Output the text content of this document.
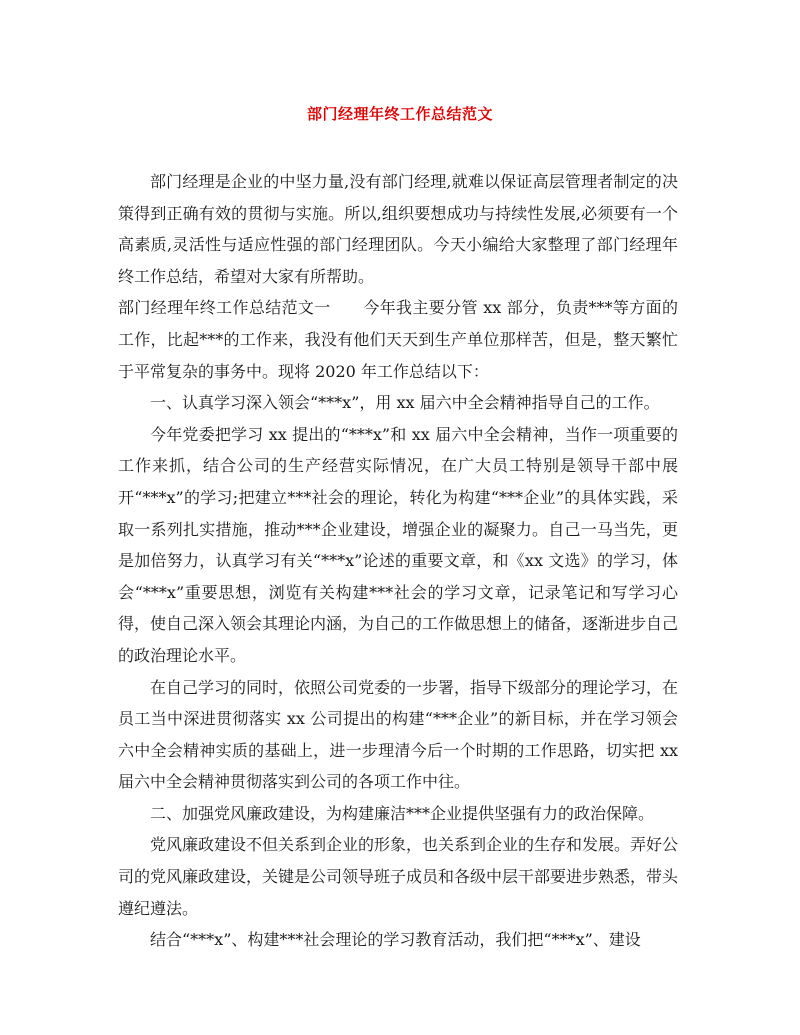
部门经理年终工作总结范文

部门经理是企业的中坚力量,没有部门经理,就难以保证高层管理者制定的决策得到正确有效的贯彻与实施。所以,组织要想成功与持续性发展,必须要有一个高素质,灵活性与适应性强的部门经理团队。今天小编给大家整理了部门经理年终工作总结，希望对大家有所帮助。

部门经理年终工作总结范文一　　今年我主要分管 xx 部分，负责***等方面的工作，比起***的工作来，我没有他们天天到生产单位那样苦，但是，整天繁忙于平常复杂的事务中。现将 2020 年工作总结以下：

一、认真学习深入领会“***x”，用 xx 届六中全会精神指导自己的工作。

今年党委把学习 xx 提出的“***x”和 xx 届六中全会精神，当作一项重要的工作来抓，结合公司的生产经营实际情况，在广大员工特别是领导干部中展开“***x”的学习;把建立***社会的理论，转化为构建“***企业”的具体实践，采取一系列扎实措施，推动***企业建设，增强企业的凝聚力。自己一马当先，更是加倍努力，认真学习有关“***x”论述的重要文章，和《xx 文选》的学习，体会“***x”重要思想，浏览有关构建***社会的学习文章，记录笔记和写学习心得，使自己深入领会其理论内涵，为自己的工作做思想上的储备，逐渐进步自己的政治理论水平。

在自己学习的同时，依照公司党委的一步署，指导下级部分的理论学习，在员工当中深进贯彻落实 xx 公司提出的构建“***企业”的新目标，并在学习领会六中全会精神实质的基础上，进一步理清今后一个时期的工作思路，切实把 xx 届六中全会精神贯彻落实到公司的各项工作中往。

二、加强党风廉政建设，为构建廉洁***企业提供坚强有力的政治保障。

党风廉政建设不但关系到企业的形象，也关系到企业的生存和发展。弄好公司的党风廉政建设，关键是公司领导班子成员和各级中层干部要进步熟悉，带头遵纪遵法。

结合“***x”、构建***社会理论的学习教育活动，我们把“***x”、建设
